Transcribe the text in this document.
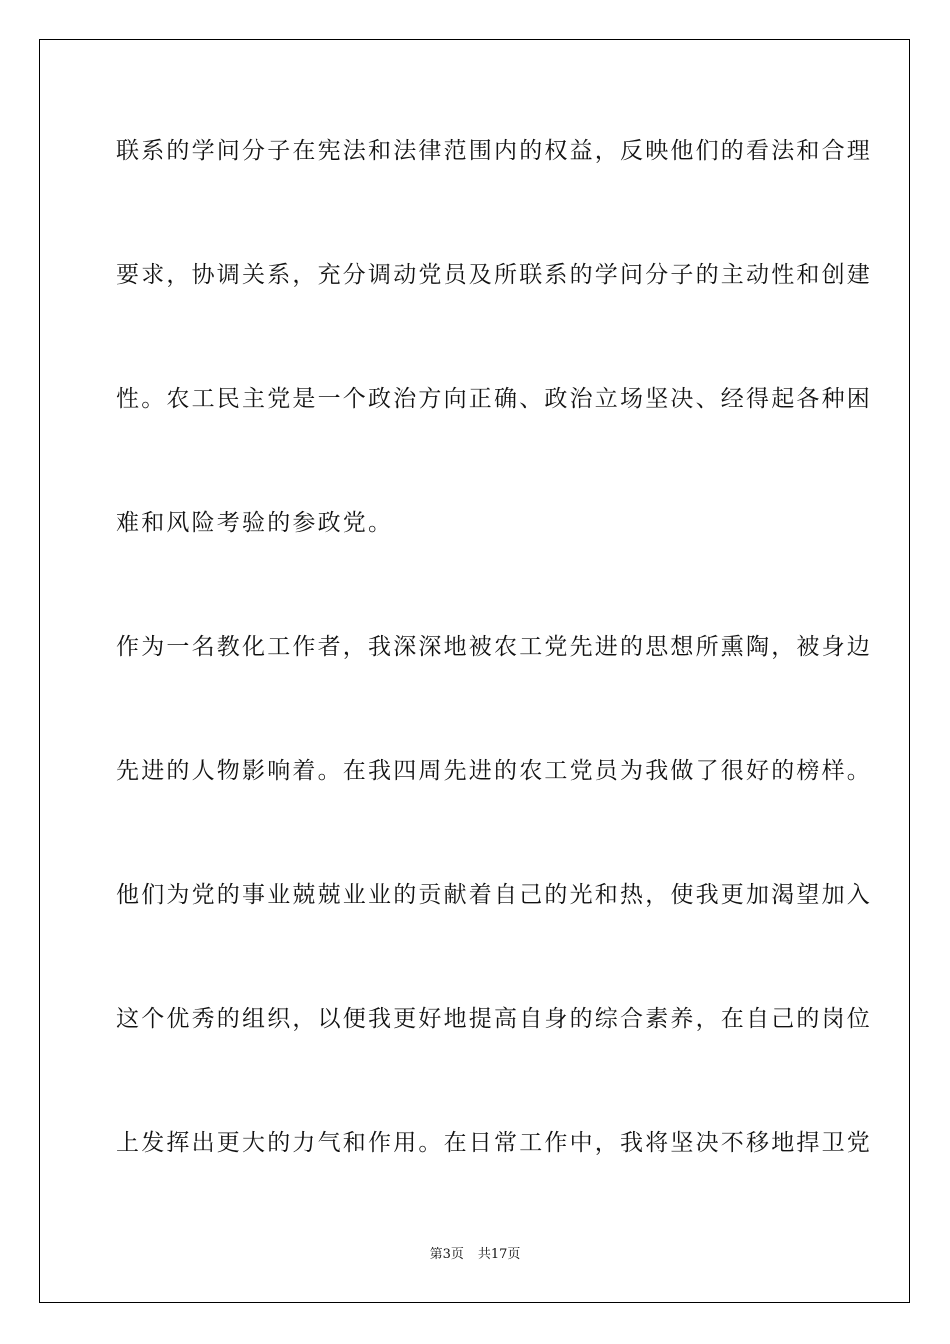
联系的学问分子在宪法和法律范围内的权益，反映他们的看法和合理
要求，协调关系，充分调动党员及所联系的学问分子的主动性和创建
性。农工民主党是一个政治方向正确、政治立场坚决、经得起各种困
难和风险考验的参政党。
作为一名教化工作者，我深深地被农工党先进的思想所熏陶，被身边
先进的人物影响着。在我四周先进的农工党员为我做了很好的榜样。
他们为党的事业兢兢业业的贡献着自己的光和热，使我更加渴望加入
这个优秀的组织，以便我更好地提高自身的综合素养，在自己的岗位
上发挥出更大的力气和作用。在日常工作中，我将坚决不移地捍卫党
第3页 共17页
